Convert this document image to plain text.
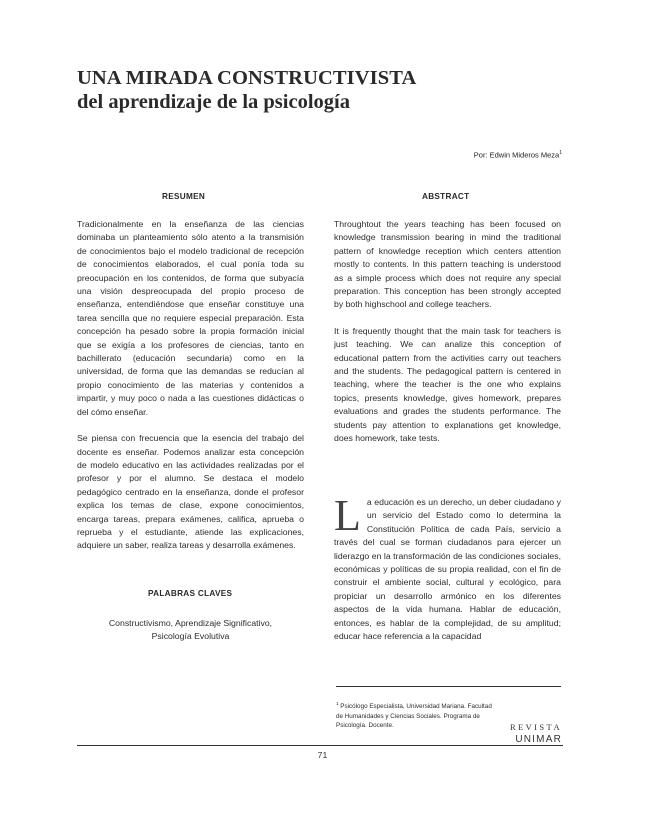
UNA MIRADA CONSTRUCTIVISTA
del aprendizaje de la psicología
Por: Edwin Mideros Meza$^1$
RESUMEN	ABSTRACT

Tradicionalmente en la enseñanza de las ciencias dominaba un planteamiento sólo atento a la transmisión de conocimientos bajo el modelo tradicional de recepción de conocimientos elaborados, el cual ponía toda su preocupación en los contenidos, de forma que subyacía una visión despreocupada del propio proceso de enseñanza, entendiéndose que enseñar constituye una tarea sencilla que no requiere especial preparación. Esta concepción ha pesado sobre la propia formación inicial que se exigía a los profesores de ciencias, tanto en bachillerato (educación secundaria) como en la universidad, de forma que las demandas se reducían al propio conocimiento de las materias y contenidos a impartir, y muy poco o nada a las cuestiones didácticas o del cómo enseñar.

Se piensa con frecuencia que la esencia del trabajo del docente es enseñar. Podemos analizar esta concepción de modelo educativo en las actividades realizadas por el profesor y por el alumno. Se destaca el modelo pedagógico centrado en la enseñanza, donde el profesor explica los temas de clase, expone conocimientos, encarga tareas, prepara exámenes, califica, aprueba o reprueba y el estudiante, atiende las explicaciones, adquiere un saber, realiza tareas y desarrolla exámenes.

PALABRAS CLAVES
Constructivismo, Aprendizaje Significativo,
Psicología Evolutiva

Throughtout the years teaching has been focused on knowledge transmission bearing in mind the traditional pattern of knowledge reception which centers attention mostly to contents. In this pattern teaching is understood as a simple process which does not require any special preparation. This conception has been strongly accepted by both highschool and college teachers.

It is frequently thought that the main task for teachers is just teaching. We can analize this conception of educational pattern from the activities carry out teachers and the students. The pedagogical pattern is centered in teaching, where the teacher is the one who explains topics, presents knowledge, gives homework, prepares evaluations and grades the students performance. The students pay attention to explanations get knowledge, does homework, take tests.

La educación es un derecho, un deber ciudadano y un servicio del Estado como lo determina la Constitución Política de cada País, servicio a través del cual se forman ciudadanos para ejercer un liderazgo en la transformación de las condiciones sociales, económicas y políticas de su propia realidad, con el fin de construir el ambiente social, cultural y ecológico, para propiciar un desarrollo armónico en los diferentes aspectos de la vida humana. Hablar de educación, entonces, es hablar de la complejidad, de su amplitud; educar hace referencia a la capacidad

$^1$ Psicólogo Especialista, Universidad Mariana. Facultad
de Humanidades y Ciencias Sociales. Programa de
Psicología. Docente.	REVISTA
UNIMAR
71
